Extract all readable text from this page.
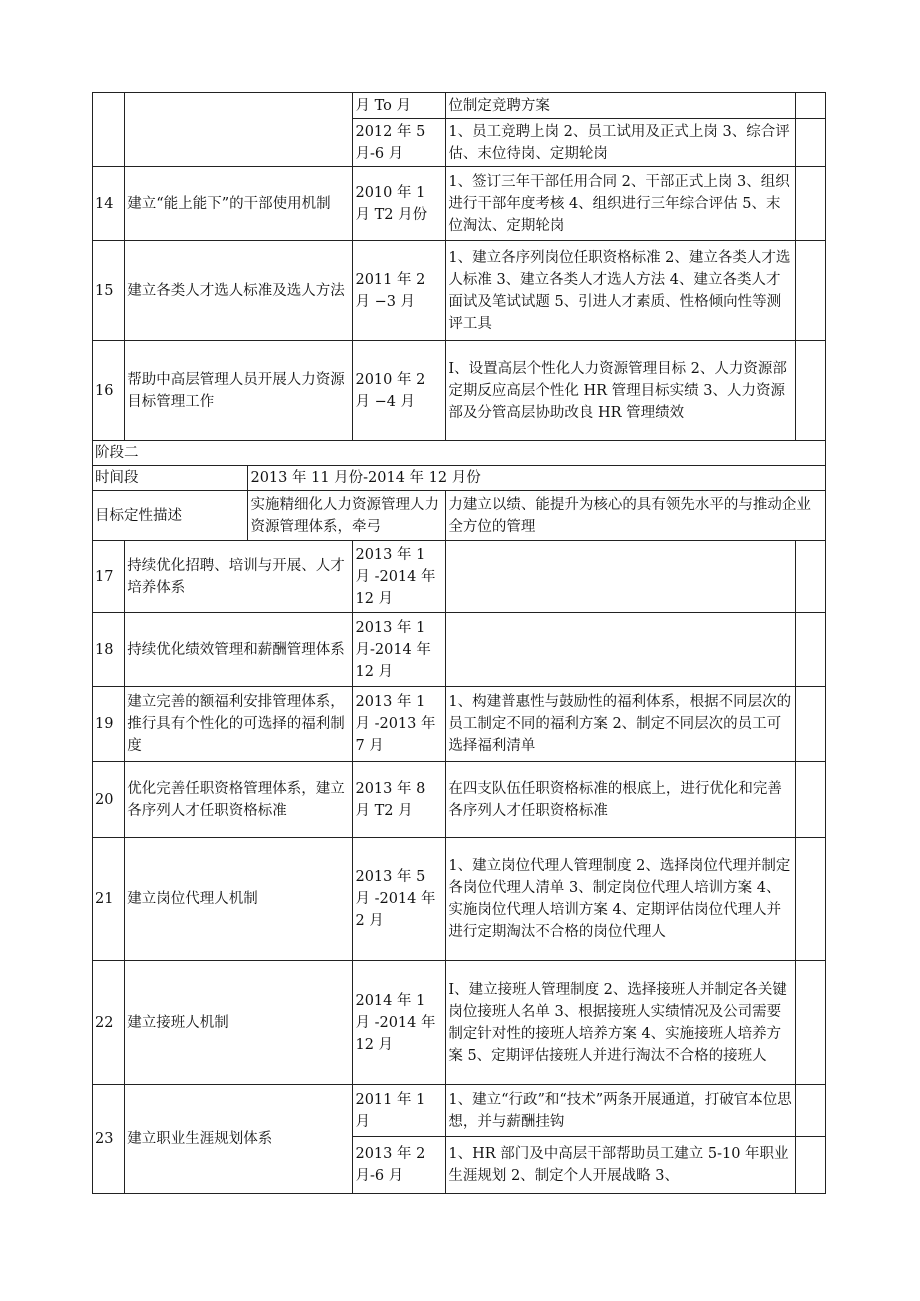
			月 To 月	位制定竞聘方案	
			2012 年 5 月-6 月	1、员工竞聘上岗 2、员工试用及正式上岗 3、综合评估、末位待岗、定期轮岗	
14	建立“能上能下”的干部使用机制		2010 年 1 月 T2 月份	1、签订三年干部任用合同 2、干部正式上岗 3、组织进行干部年度考核 4、组织进行三年综合评估 5、末位淘汰、定期轮岗	
15	建立各类人才选人标准及选人方法		2011 年 2 月 −3 月	1、建立各序列岗位任职资格标准 2、建立各类人才选人标准 3、建立各类人才选人方法 4、建立各类人才面试及笔试试题 5、引进人才素质、性格倾向性等测评工具	
16	帮助中高层管理人员开展人力资源目标管理工作		2010 年 2 月 −4 月	I、设置高层个性化人力资源管理目标 2、人力资源部定期反应高层个性化 HR 管理目标实绩 3、人力资源部及分管高层协助改良 HR 管理绩效	
阶段二					
时间段		2013 年 11 月份-2014 年 12 月份			
目标定性描述		实施精细化人力资源管理人力资源管理体系，牵弓		力建立以绩、能提升为核心的具有领先水平的与推动企业全方位的管理	
17	持续优化招聘、培训与开展、人才培养体系		2013 年 1 月 -2014 年 12 月		
18	持续优化绩效管理和薪酬管理体系		2013 年 1 月-2014 年 12 月		
19	建立完善的额福利安排管理体系，推行具有个性化的可选择的福利制度		2013 年 1 月 -2013 年 7 月	1、构建普惠性与鼓励性的福利体系，根据不同层次的员工制定不同的福利方案 2、制定不同层次的员工可选择福利清单	
20	优化完善任职资格管理体系，建立各序列人才任职资格标准		2013 年 8 月 T2 月	在四支队伍任职资格标准的根底上，进行优化和完善各序列人才任职资格标准	
21	建立岗位代理人机制		2013 年 5 月 -2014 年 2 月	1、建立岗位代理人管理制度 2、选择岗位代理并制定各岗位代理人清单 3、制定岗位代理人培训方案 4、实施岗位代理人培训方案 4、定期评估岗位代理人并进行定期淘汰不合格的岗位代理人	
22	建立接班人机制		2014 年 1 月 -2014 年 12 月	I、建立接班人管理制度 2、选择接班人并制定各关键岗位接班人名单 3、根据接班人实绩情况及公司需要制定针对性的接班人培养方案 4、实施接班人培养方案 5、定期评估接班人并进行淘汰不合格的接班人	
23	建立职业生涯规划体系		2011 年 1 月	1、建立“行政”和“技术”两条开展通道，打破官本位思想，并与薪酬挂钩	
			2013 年 2 月-6 月	1、HR 部门及中高层干部帮助员工建立 5-10 年职业生涯规划 2、制定个人开展战略 3、	
